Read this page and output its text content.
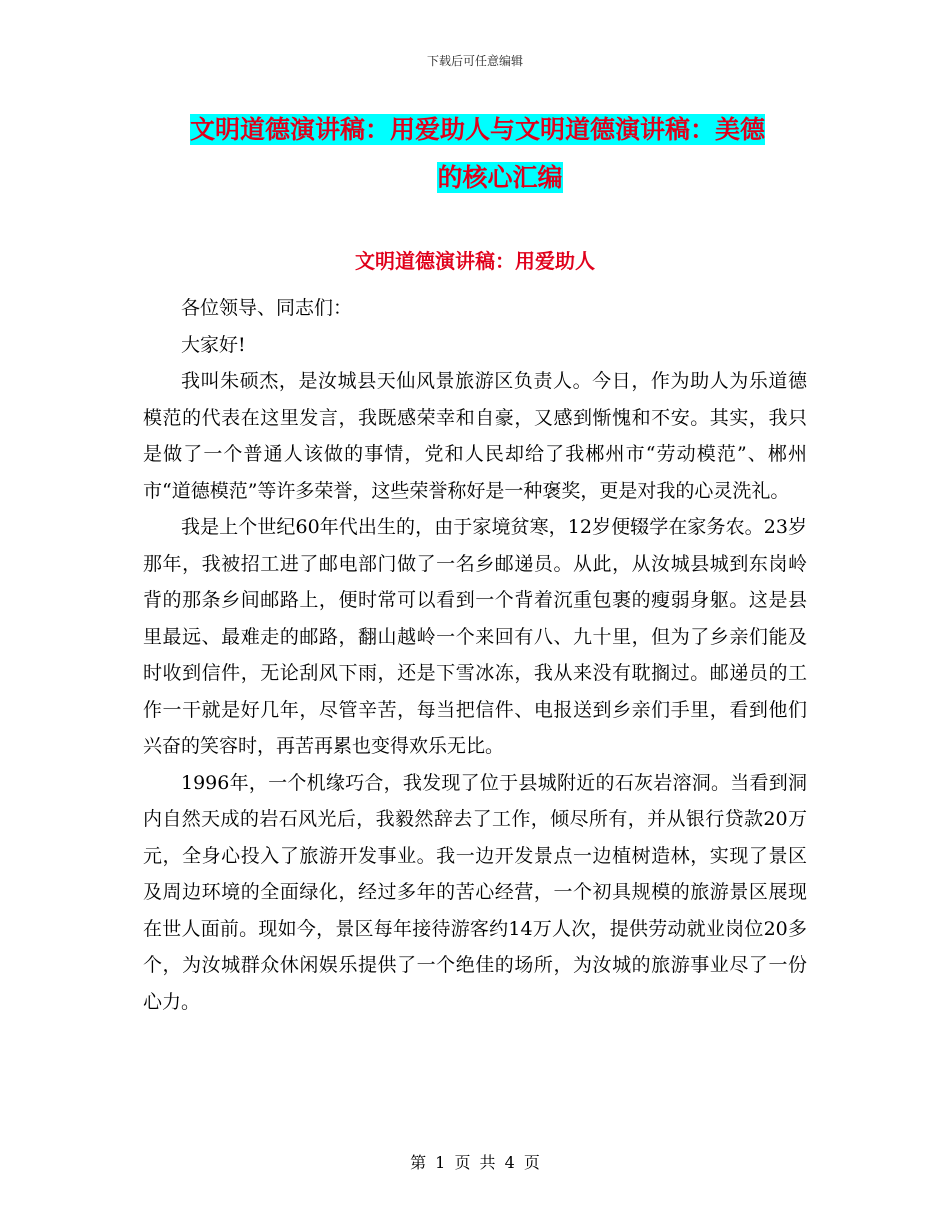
下载后可任意编辑
文明道德演讲稿：用爱助人与文明道德演讲稿：美德
的核心汇编
文明道德演讲稿：用爱助人

各位领导、同志们：

大家好!

我叫朱硕杰，是汝城县天仙风景旅游区负责人。今日，作为助人为乐道德模范的代表在这里发言，我既感荣幸和自豪，又感到惭愧和不安。其实，我只是做了一个普通人该做的事情，党和人民却给了我郴州市“劳动模范”、郴州市“道德模范”等许多荣誉，这些荣誉称好是一种褒奖，更是对我的心灵洗礼。

我是上个世纪60年代出生的，由于家境贫寒，12岁便辍学在家务农。23岁那年，我被招工进了邮电部门做了一名乡邮递员。从此，从汝城县城到东岗岭背的那条乡间邮路上，便时常可以看到一个背着沉重包裹的瘦弱身躯。这是县里最远、最难走的邮路，翻山越岭一个来回有八、九十里，但为了乡亲们能及时收到信件，无论刮风下雨，还是下雪冰冻，我从来没有耽搁过。邮递员的工作一干就是好几年，尽管辛苦，每当把信件、电报送到乡亲们手里，看到他们兴奋的笑容时，再苦再累也变得欢乐无比。

1996年，一个机缘巧合，我发现了位于县城附近的石灰岩溶洞。当看到洞内自然天成的岩石风光后，我毅然辞去了工作，倾尽所有，并从银行贷款20万元，全身心投入了旅游开发事业。我一边开发景点一边植树造林，实现了景区及周边环境的全面绿化，经过多年的苦心经营，一个初具规模的旅游景区展现在世人面前。现如今，景区每年接待游客约14万人次，提供劳动就业岗位20多个，为汝城群众休闲娱乐提供了一个绝佳的场所，为汝城的旅游事业尽了一份心力。

第 1 页 共 4 页
